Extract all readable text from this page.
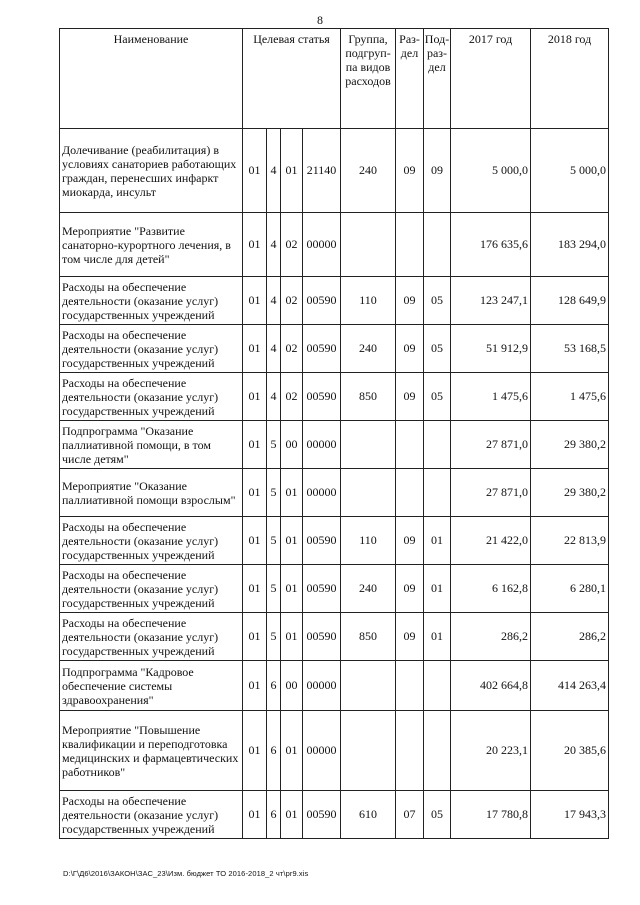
8
Наименование	Целевая статья				Группа, подгруп-па видов расходов	Раз-дел	Под-раз-дел	2017 год	2018 год
Долечивание (реабилитация) в условиях санаториев работающих граждан, перенесших инфаркт миокарда, инсульт	01	4	01	21140	240	09	09	5 000,0	5 000,0
Мероприятие "Развитие санаторно-курортного лечения, в том числе для детей"	01	4	02	00000				176 635,6	183 294,0
Расходы на обеспечение деятельности (оказание услуг) государственных учреждений	01	4	02	00590	110	09	05	123 247,1	128 649,9
Расходы на обеспечение деятельности (оказание услуг) государственных учреждений	01	4	02	00590	240	09	05	51 912,9	53 168,5
Расходы на обеспечение деятельности (оказание услуг) государственных учреждений	01	4	02	00590	850	09	05	1 475,6	1 475,6
Подпрограмма "Оказание паллиативной помощи, в том числе детям"	01	5	00	00000				27 871,0	29 380,2
Мероприятие "Оказание паллиативной помощи взрослым"	01	5	01	00000				27 871,0	29 380,2
Расходы на обеспечение деятельности (оказание услуг) государственных учреждений	01	5	01	00590	110	09	01	21 422,0	22 813,9
Расходы на обеспечение деятельности (оказание услуг) государственных учреждений	01	5	01	00590	240	09	01	6 162,8	6 280,1
Расходы на обеспечение деятельности (оказание услуг) государственных учреждений	01	5	01	00590	850	09	01	286,2	286,2
Подпрограмма "Кадровое обеспечение системы здравоохранения"	01	6	00	00000				402 664,8	414 263,4
Мероприятие "Повышение квалификации и переподготовка медицинских и фармацевтических работников"	01	6	01	00000				20 223,1	20 385,6
Расходы на обеспечение деятельности (оказание услуг) государственных учреждений	01	6	01	00590	610	07	05	17 780,8	17 943,3
D:\Г\Д6\2016\ЗАКОН\ЗАС_23\Изм. бюджет ТО 2016-2018_2 чт\pr9.xis
